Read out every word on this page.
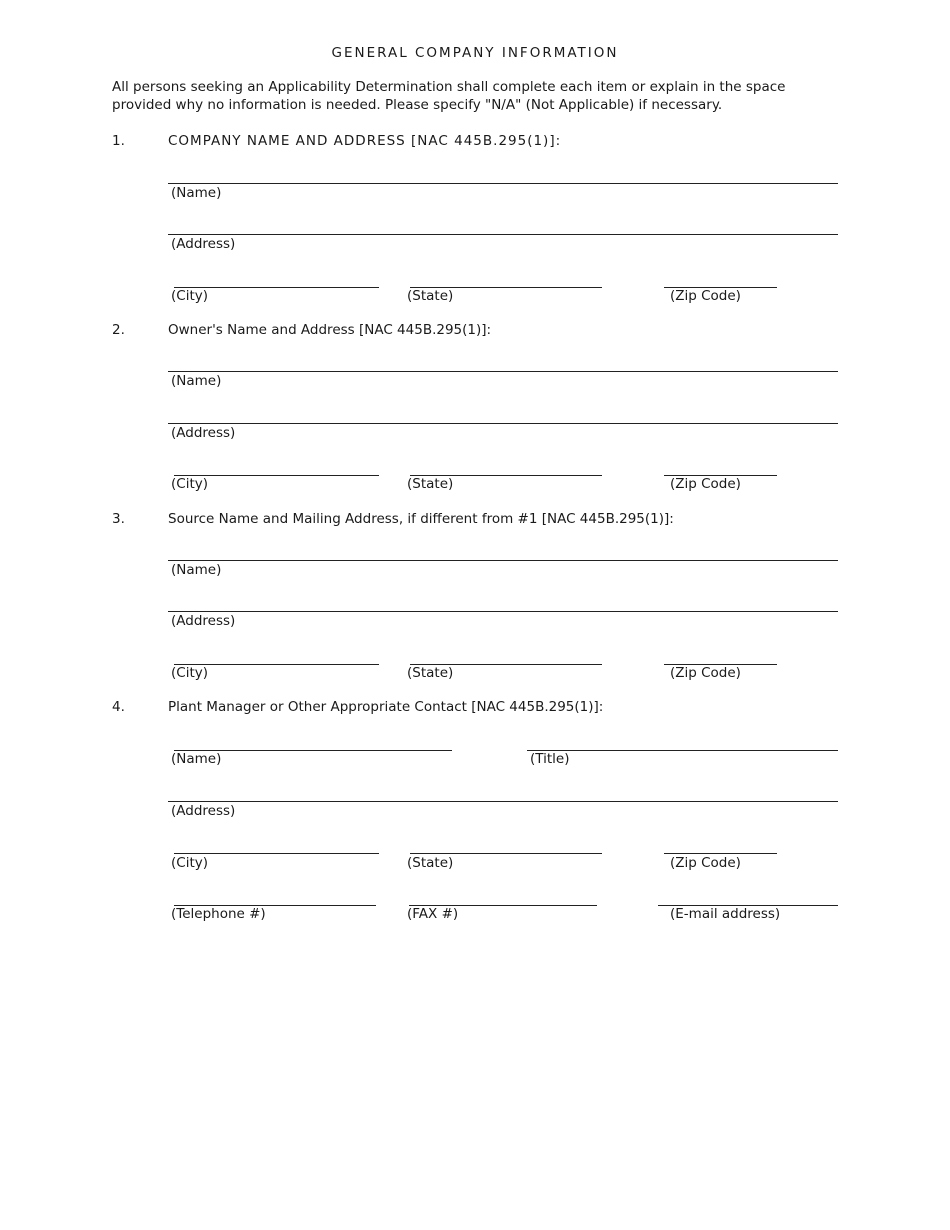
GENERAL COMPANY INFORMATION
All persons seeking an Applicability Determination shall complete each item or explain in the space provided why no information is needed. Please specify "N/A" (Not Applicable) if necessary.
1.	COMPANY NAME AND ADDRESS [NAC 445B.295(1)]:
(Name)
(Address)
(City)	(State)	(Zip Code)
2.	Owner's Name and Address [NAC 445B.295(1)]:
(Name)
(Address)
(City)	(State)	(Zip Code)
3.	Source Name and Mailing Address, if different from #1 [NAC 445B.295(1)]:
(Name)
(Address)
(City)	(State)	(Zip Code)
4.	Plant Manager or Other Appropriate Contact [NAC 445B.295(1)]:
(Name)	(Title)
(Address)
(City)	(State)	(Zip Code)
(Telephone #)	(FAX #)	(E-mail address)
